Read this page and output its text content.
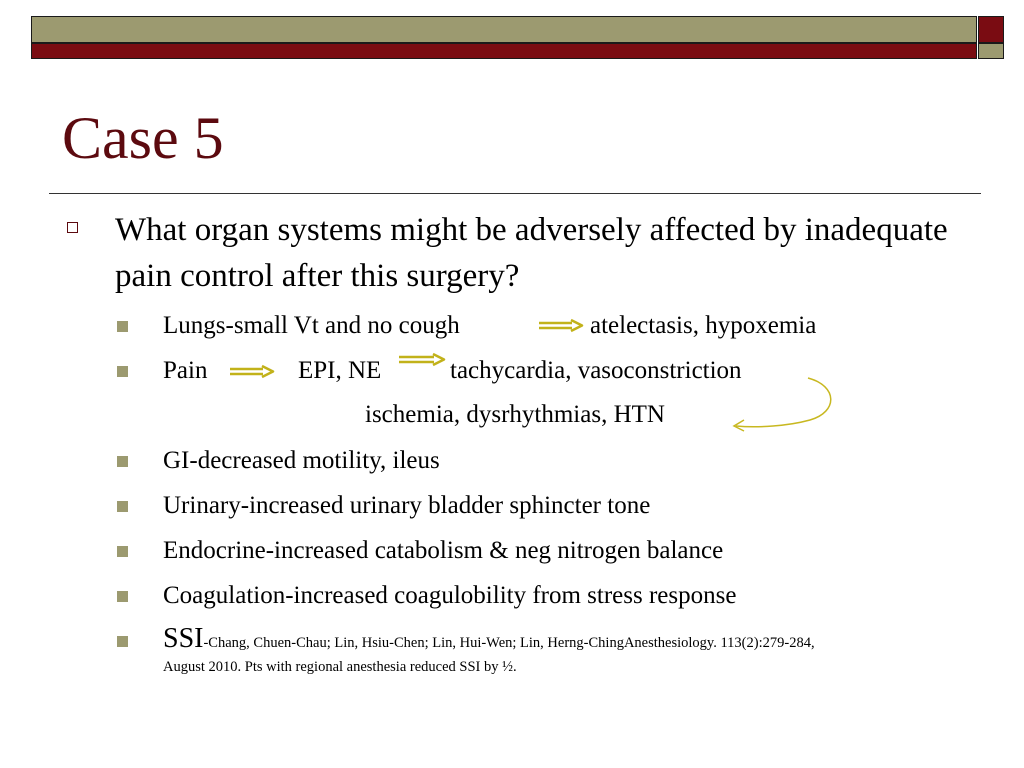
Case 5
What organ systems might be adversely affected by inadequate pain control after this surgery?
Lungs-small Vt and no cough	atelectasis, hypoxemia
Pain	EPI, NE	tachycardia, vasoconstriction
ischemia, dysrhythmias, HTN
GI-decreased motility, ileus
Urinary-increased urinary bladder sphincter tone
Endocrine-increased catabolism & neg nitrogen balance
Coagulation-increased coagulobility from stress response
SSI-Chang, Chuen-Chau; Lin, Hsiu-Chen; Lin, Hui-Wen; Lin, Herng-ChingAnesthesiology. 113(2):279-284,
August 2010. Pts with regional anesthesia reduced SSI by ½.
